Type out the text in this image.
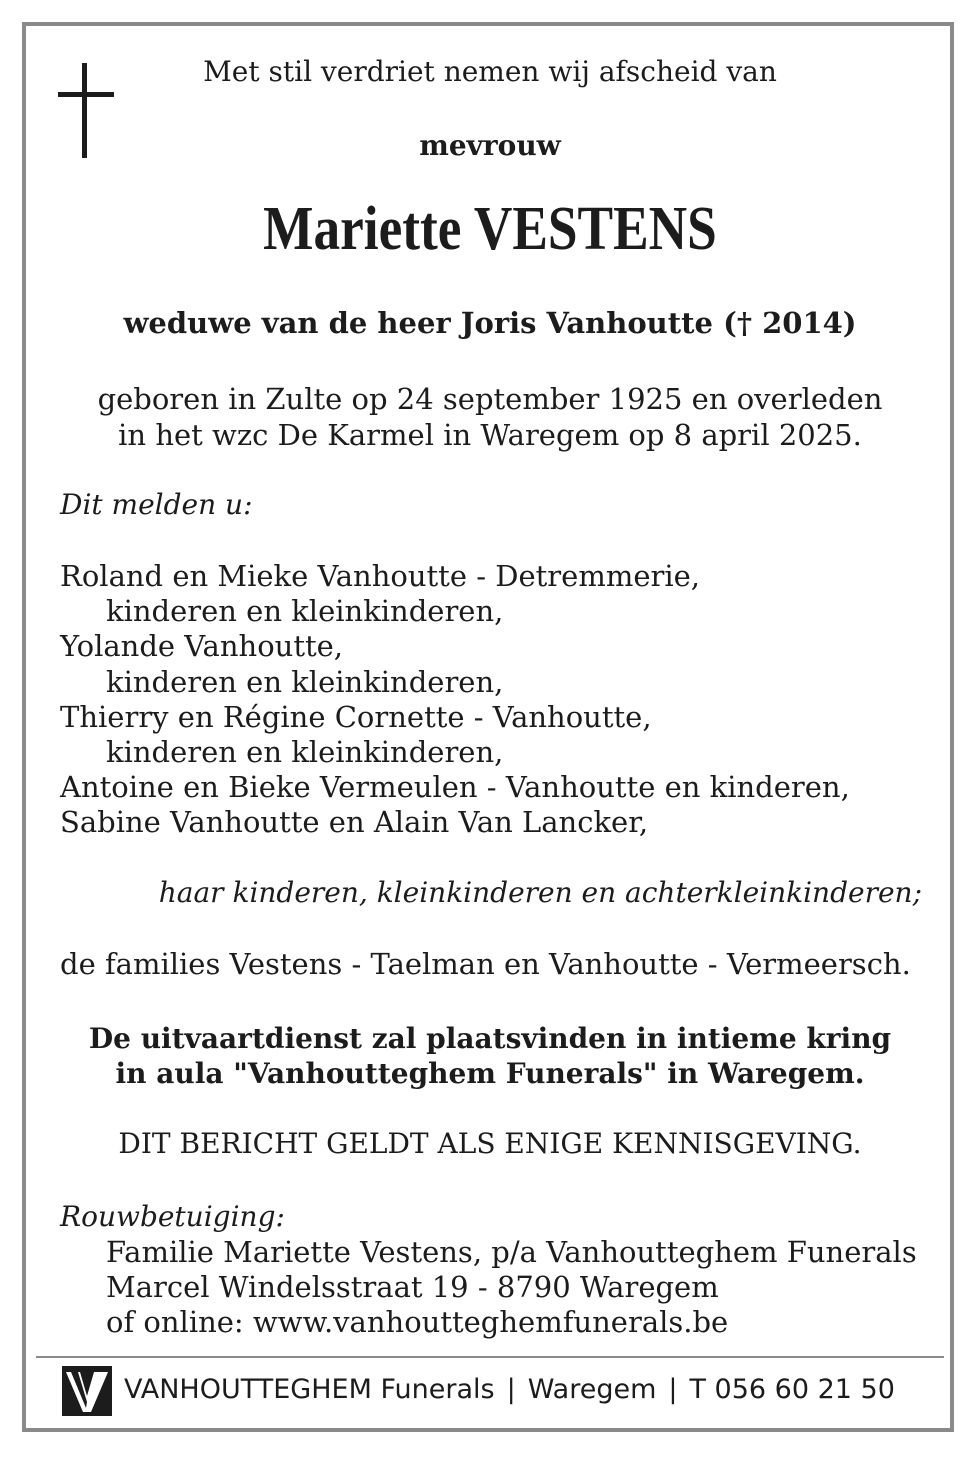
Met stil verdriet nemen wij afscheid van
mevrouw
Mariette VESTENS
weduwe van de heer Joris Vanhoutte († 2014)
geboren in Zulte op 24 september 1925 en overleden
in het wzc De Karmel in Waregem op 8 april 2025.
Dit melden u:
Roland en Mieke Vanhoutte - Detremmerie,
kinderen en kleinkinderen,
Yolande Vanhoutte,
kinderen en kleinkinderen,
Thierry en Régine Cornette - Vanhoutte,
kinderen en kleinkinderen,
Antoine en Bieke Vermeulen - Vanhoutte en kinderen,
Sabine Vanhoutte en Alain Van Lancker,
haar kinderen, kleinkinderen en achterkleinkinderen;
de families Vestens - Taelman en Vanhoutte - Vermeersch.
De uitvaartdienst zal plaatsvinden in intieme kring
in aula "Vanhoutteghem Funerals" in Waregem.
DIT BERICHT GELDT ALS ENIGE KENNISGEVING.
Rouwbetuiging:
Familie Mariette Vestens, p/a Vanhoutteghem Funerals
Marcel Windelsstraat 19 - 8790 Waregem
of online: www.vanhoutteghemfunerals.be
VANHOUTTEGHEM Funerals | Waregem | T 056 60 21 50
